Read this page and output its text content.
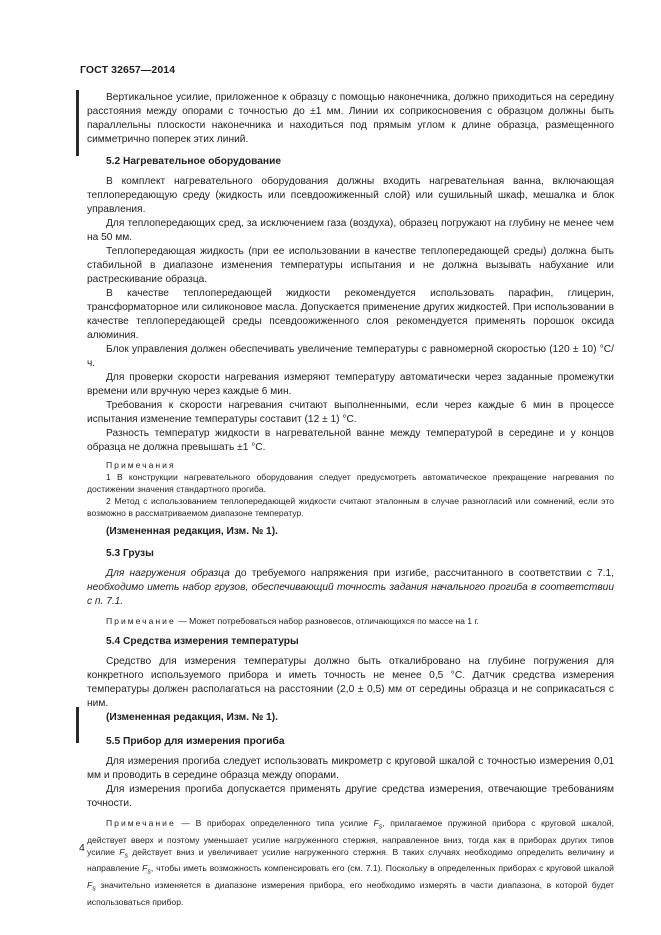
ГОСТ 32657—2014

Вертикальное усилие, приложенное к образцу с помощью наконечника, должно приходиться на середину расстояния между опорами с точностью до ±1 мм. Линии их соприкосновения с образцом должны быть параллельны плоскости наконечника и находиться под прямым углом к длине образца, размещенного симметрично поперек этих линий.

5.2 Нагревательное оборудование

В комплект нагревательного оборудования должны входить нагревательная ванна, включающая теплопередающую среду (жидкость или псевдоожиженный слой) или сушильный шкаф, мешалка и блок управления.

Для теплопередающих сред, за исключением газа (воздуха), образец погружают на глубину не менее чем на 50 мм.

Теплопередающая жидкость (при ее использовании в качестве теплопередающей среды) должна быть стабильной в диапазоне изменения температуры испытания и не должна вызывать набухание или растрескивание образца.

В качестве теплопередающей жидкости рекомендуется использовать парафин, глицерин, трансформаторное или силиконовое масла. Допускается применение других жидкостей. При использовании в качестве теплопередающей среды псевдоожиженного слоя рекомендуется применять порошок оксида алюминия.

Блок управления должен обеспечивать увеличение температуры с равномерной скоростью (120 ± 10) °С/ч.

Для проверки скорости нагревания измеряют температуру автоматически через заданные промежутки времени или вручную через каждые 6 мин.

Требования к скорости нагревания считают выполненными, если через каждые 6 мин в процессе испытания изменение температуры составит (12 ± 1) °С.

Разность температур жидкости в нагревательной ванне между температурой в середине и у концов образца не должна превышать ±1 °С.

Примечания

1 В конструкции нагревательного оборудования следует предусмотреть автоматическое прекращение нагревания по достижении значения стандартного прогиба.

2 Метод с использованием теплопередающей жидкости считают эталонным в случае разногласий или сомнений, если это возможно в рассматриваемом диапазоне температур.

(Измененная редакция, Изм. № 1).

5.3 Грузы

Для нагружения образца до требуемого напряжения при изгибе, рассчитанного в соответствии с 7.1, необходимо иметь набор грузов, обеспечивающий точность задания начального прогиба в соответствии с п. 7.1.

Примечание — Может потребоваться набор разновесов, отличающихся по массе на 1 г.

5.4 Средства измерения температуры

Средство для измерения температуры должно быть откалибровано на глубине погружения для конкретного используемого прибора и иметь точность не менее 0,5 °С. Датчик средства измерения температуры должен располагаться на расстоянии (2,0 ± 0,5) мм от середины образца и не соприкасаться с ним.

(Измененная редакция, Изм. № 1).

5.5 Прибор для измерения прогиба

Для измерения прогиба следует использовать микрометр с круговой шкалой с точностью измерения 0,01 мм и проводить в середине образца между опорами.

Для измерения прогиба допускается применять другие средства измерения, отвечающие требованиям точности.

Примечание — В приборах определенного типа усилие $F_s$, прилагаемое пружиной прибора с круговой шкалой, действует вверх и поэтому уменьшает усилие нагруженного стержня, направленное вниз, тогда как в приборах других типов усилие $F_s$ действует вниз и увеличивает усилие нагруженного стержня. В таких случаях необходимо определить величину и направление $F_s$, чтобы иметь возможность компенсировать его (см. 7.1). Поскольку в определенных приборах с круговой шкалой $F_s$ значительно изменяется в диапазоне измерения прибора, его необходимо измерять в части диапазона, в которой будет использоваться прибор.

4
